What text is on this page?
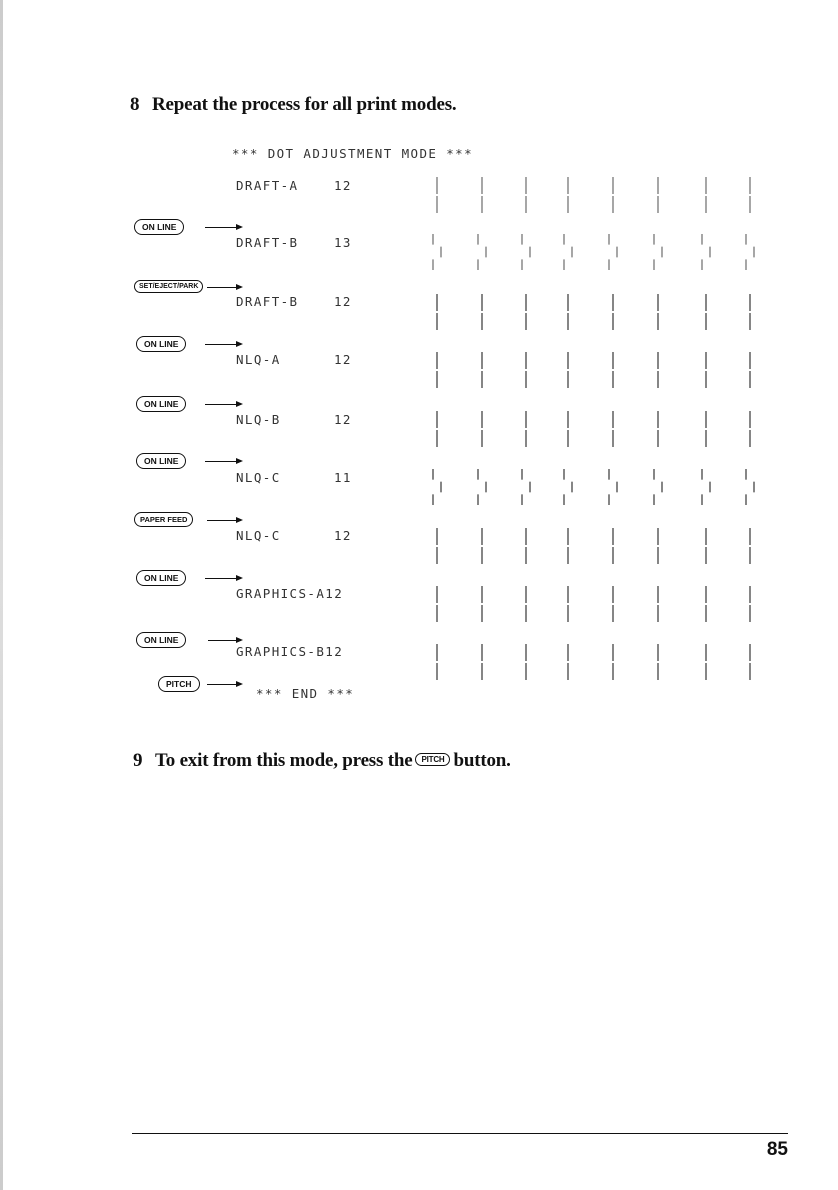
8 Repeat the process for all print modes.
*** DOT ADJUSTMENT MODE ***
DRAFT-A	12
ON LINE
DRAFT-B	13
SET/EJECT/PARK
DRAFT-B	12
ON LINE
NLQ-A	12
ON LINE
NLQ-B	12
ON LINE
NLQ-C	11
PAPER FEED
NLQ-C	12
ON LINE
GRAPHICS-A12
ON LINE
GRAPHICS-B12
PITCH
*** END ***
9 To exit from this mode, press the PITCH button.
85
